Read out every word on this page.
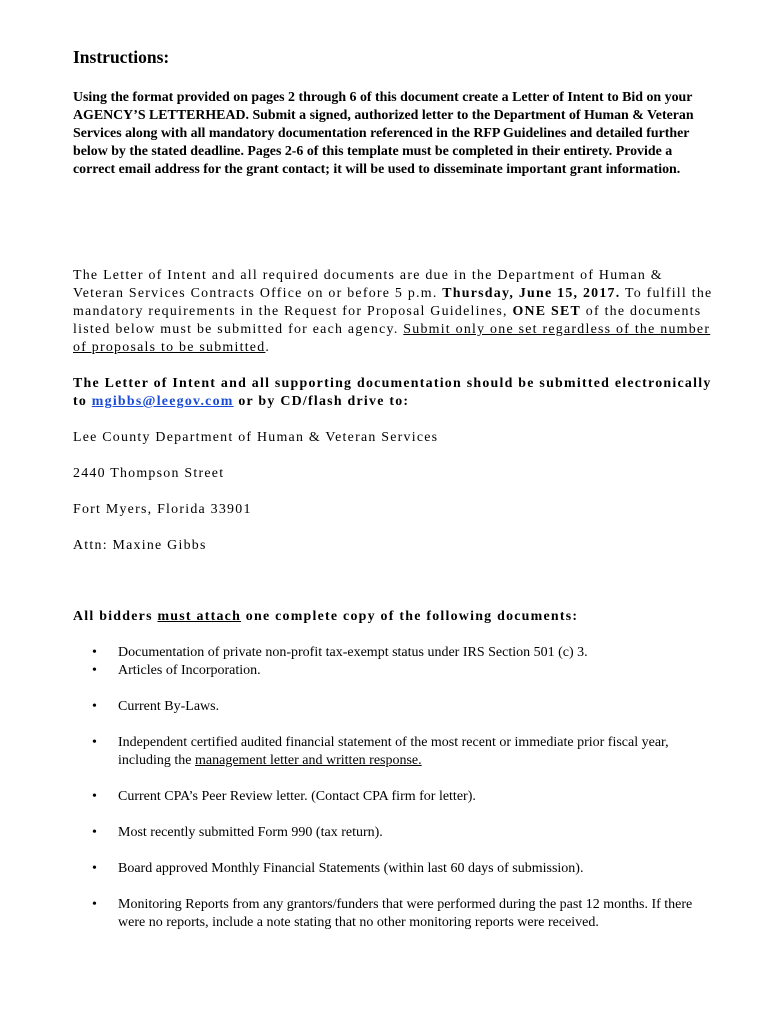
Instructions:

Using the format provided on pages 2 through 6 of this document create a Letter of Intent to Bid on your AGENCY’S LETTERHEAD. Submit a signed, authorized letter to the Department of Human & Veteran Services along with all mandatory documentation referenced in the RFP Guidelines and detailed further below by the stated deadline. Pages 2-6 of this template must be completed in their entirety. Provide a correct email address for the grant contact; it will be used to disseminate important grant information.

The Letter of Intent and all required documents are due in the Department of Human & Veteran Services Contracts Office on or before 5 p.m. Thursday, June 15, 2017. To fulfill the mandatory requirements in the Request for Proposal Guidelines, ONE SET of the documents listed below must be submitted for each agency. Submit only one set regardless of the number of proposals to be submitted.

The Letter of Intent and all supporting documentation should be submitted electronically to mgibbs@leegov.com or by CD/flash drive to:

Lee County Department of Human & Veteran Services

2440 Thompson Street

Fort Myers, Florida 33901

Attn: Maxine Gibbs

All bidders must attach one complete copy of the following documents:

• Documentation of private non-profit tax-exempt status under IRS Section 501 (c) 3.
• Articles of Incorporation.
• Current By-Laws.
• Independent certified audited financial statement of the most recent or immediate prior fiscal year, including the management letter and written response.
• Current CPA’s Peer Review letter. (Contact CPA firm for letter).
• Most recently submitted Form 990 (tax return).
• Board approved Monthly Financial Statements (within last 60 days of submission).
• Monitoring Reports from any grantors/funders that were performed during the past 12 months. If there were no reports, include a note stating that no other monitoring reports were received.
